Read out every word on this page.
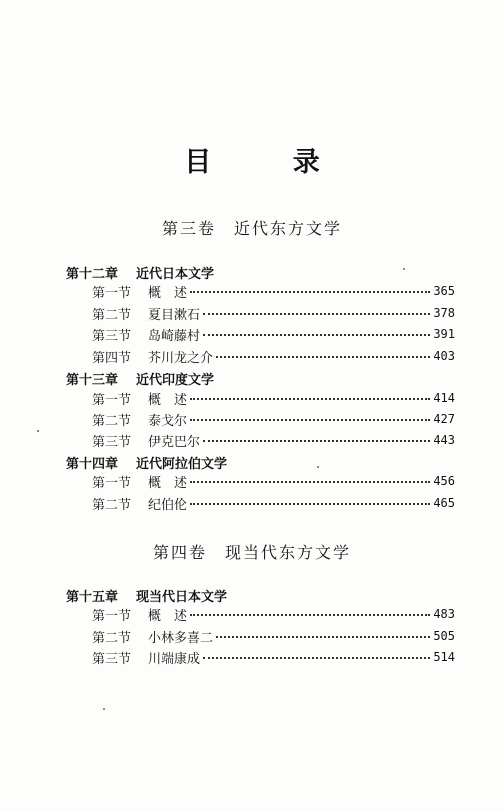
目 录
第三卷　近代东方文学
第十二章 近代日本文学
第一节	概　述	365
第二节	夏目漱石	378
第三节	岛崎藤村	391
第四节	芥川龙之介	403
第十三章 近代印度文学
第一节	概　述	414
第二节	泰戈尔	427
第三节	伊克巴尔	443
第十四章 近代阿拉伯文学
第一节	概　述	456
第二节	纪伯伦	465
第四卷　现当代东方文学
第十五章 现当代日本文学
第一节	概　述	483
第二节	小林多喜二	505
第三节	川端康成	514
